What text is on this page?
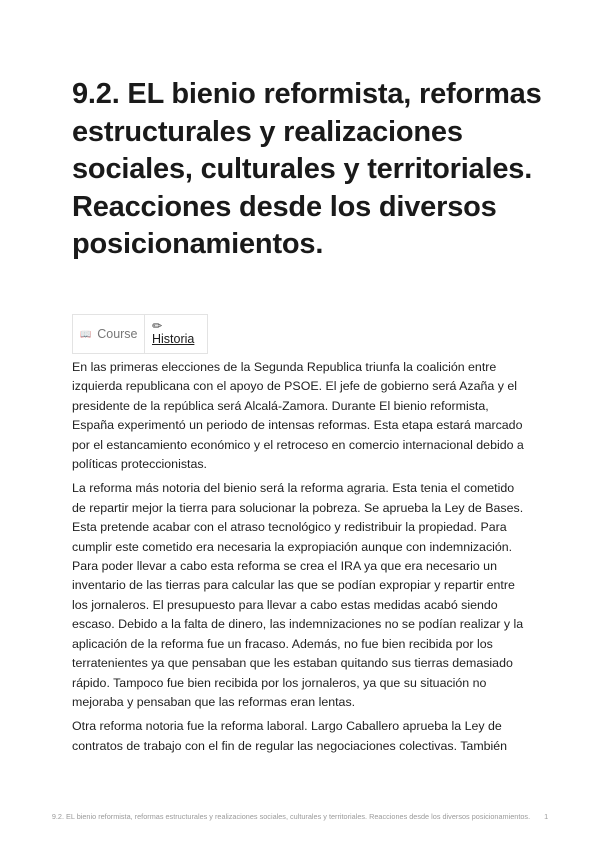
9.2. EL bienio reformista, reformas estructurales y realizaciones sociales, culturales y territoriales. Reacciones desde los diversos posicionamientos.
📖 Course
✏
Historia

En las primeras elecciones de la Segunda Republica triunfa la coalición entre izquierda republicana con el apoyo de PSOE. El jefe de gobierno será Azaña y el presidente de la república será Alcalá-Zamora. Durante El bienio reformista, España experimentó un periodo de intensas reformas. Esta etapa estará marcado por el estancamiento económico y el retroceso en comercio internacional debido a políticas proteccionistas.

La reforma más notoria del bienio será la reforma agraria. Esta tenia el cometido de repartir mejor la tierra para solucionar la pobreza. Se aprueba la Ley de Bases. Esta pretende acabar con el atraso tecnológico y redistribuir la propiedad. Para cumplir este cometido era necesaria la expropiación aunque con indemnización. Para poder llevar a cabo esta reforma se crea el IRA ya que era necesario un inventario de las tierras para calcular las que se podían expropiar y repartir entre los jornaleros. El presupuesto para llevar a cabo estas medidas acabó siendo escaso. Debido a la falta de dinero, las indemnizaciones no se podían realizar y la aplicación de la reforma fue un fracaso. Además, no fue bien recibida por los terratenientes ya que pensaban que les estaban quitando sus tierras demasiado rápido. Tampoco fue bien recibida por los jornaleros, ya que su situación no mejoraba y pensaban que las reformas eran lentas.

Otra reforma notoria fue la reforma laboral. Largo Caballero aprueba la Ley de contratos de trabajo con el fin de regular las negociaciones colectivas. También

9.2. EL bienio reformista, reformas estructurales y realizaciones sociales, culturales y territoriales. Reacciones desde los diversos posicionamientos. 1
